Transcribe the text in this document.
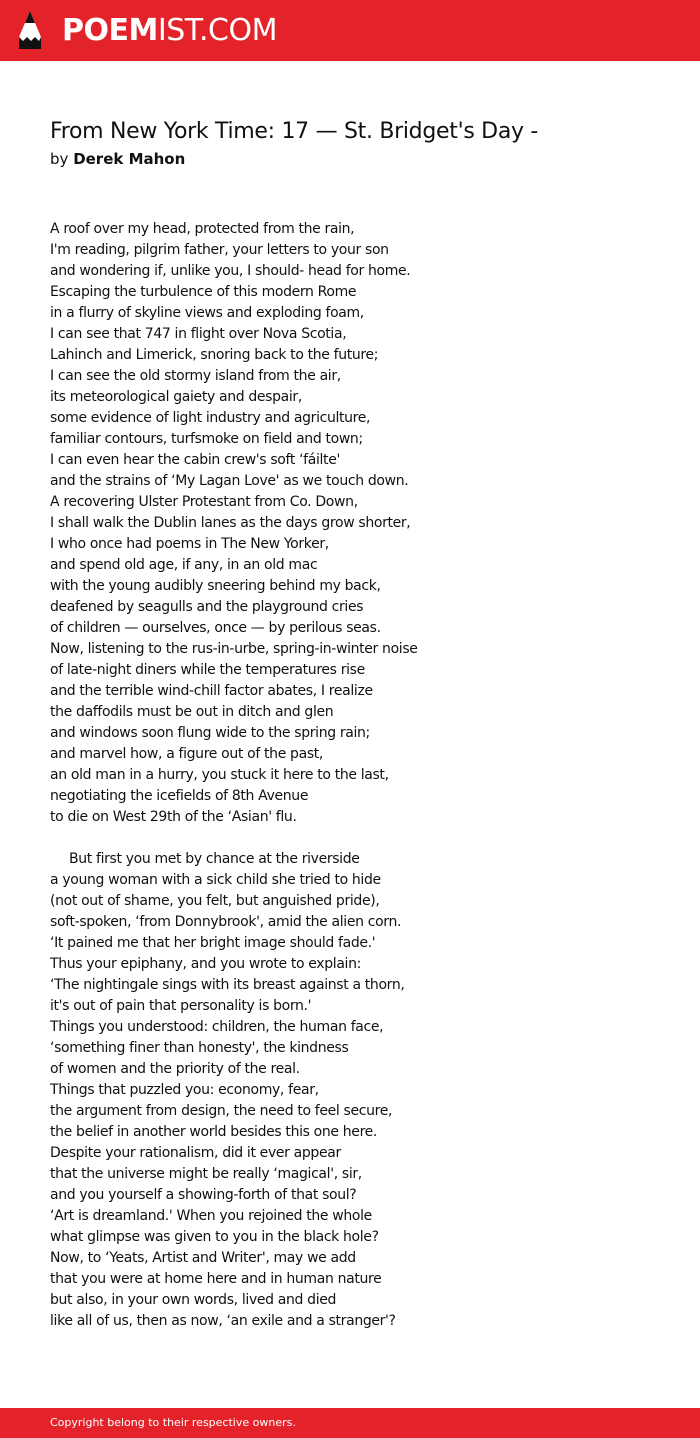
POEMIST.COM
From New York Time: 17 — St. Bridget's Day -
by Derek Mahon
A roof over my head, protected from the rain,
I'm reading, pilgrim father, your letters to your son
and wondering if, unlike you, I should- head for home.
Escaping the turbulence of this modern Rome
in a flurry of skyline views and exploding foam,
I can see that 747 in flight over Nova Scotia,
Lahinch and Limerick, snoring back to the future;
I can see the old stormy island from the air,
its meteorological gaiety and despair,
some evidence of light industry and agriculture,
familiar contours, turfsmoke on field and town;
I can even hear the cabin crew's soft ‘fáilte'
and the strains of ‘My Lagan Love' as we touch down.
A recovering Ulster Protestant from Co. Down,
I shall walk the Dublin lanes as the days grow shorter,
I who once had poems in The New Yorker,
and spend old age, if any, in an old mac
with the young audibly sneering behind my back,
deafened by seagulls and the playground cries
of children — ourselves, once — by perilous seas.
Now, listening to the rus-in-urbe, spring-in-winter noise
of late-night diners while the temperatures rise
and the terrible wind-chill factor abates, I realize
the daffodils must be out in ditch and glen
and windows soon flung wide to the spring rain;
and marvel how, a figure out of the past,
an old man in a hurry, you stuck it here to the last,
negotiating the icefields of 8th Avenue
to die on West 29th of the ‘Asian' flu.
But first you met by chance at the riverside
a young woman with a sick child she tried to hide
(not out of shame, you felt, but anguished pride),
soft-spoken, ‘from Donnybrook', amid the alien corn.
‘It pained me that her bright image should fade.'
Thus your epiphany, and you wrote to explain:
‘The nightingale sings with its breast against a thorn,
it's out of pain that personality is born.'
Things you understood: children, the human face,
‘something finer than honesty', the kindness
of women and the priority of the real.
Things that puzzled you: economy, fear,
the argument from design, the need to feel secure,
the belief in another world besides this one here.
Despite your rationalism, did it ever appear
that the universe might be really ‘magical', sir,
and you yourself a showing-forth of that soul?
‘Art is dreamland.' When you rejoined the whole
what glimpse was given to you in the black hole?
Now, to ‘Yeats, Artist and Writer', may we add
that you were at home here and in human nature
but also, in your own words, lived and died
like all of us, then as now, ‘an exile and a stranger'?
Copyright belong to their respective owners.
